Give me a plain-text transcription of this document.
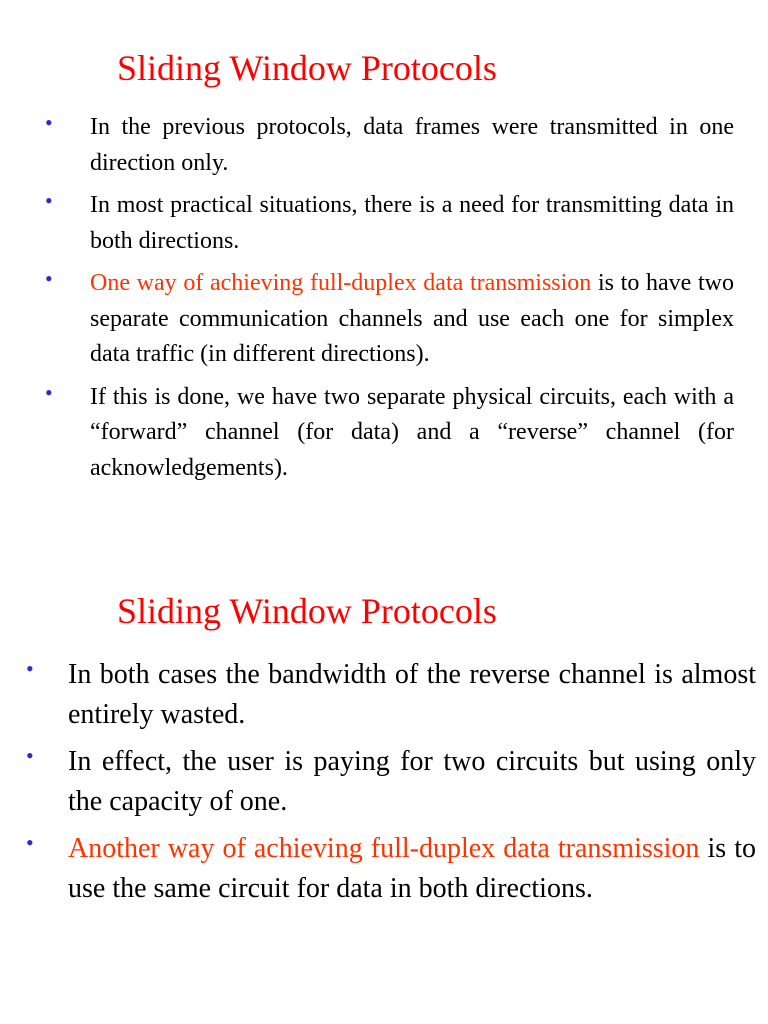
Sliding Window Protocols
• In the previous protocols, data frames were transmitted in one direction only.
• In most practical situations, there is a need for transmitting data in both directions.
• One way of achieving full-duplex data transmission is to have two separate communication channels and use each one for simplex data traffic (in different directions).
• If this is done, we have two separate physical circuits, each with a “forward” channel (for data) and a “reverse” channel (for acknowledgements).
Sliding Window Protocols
• In both cases the bandwidth of the reverse channel is almost entirely wasted.
• In effect, the user is paying for two circuits but using only the capacity of one.
• Another way of achieving full-duplex data transmission is to use the same circuit for data in both directions.
